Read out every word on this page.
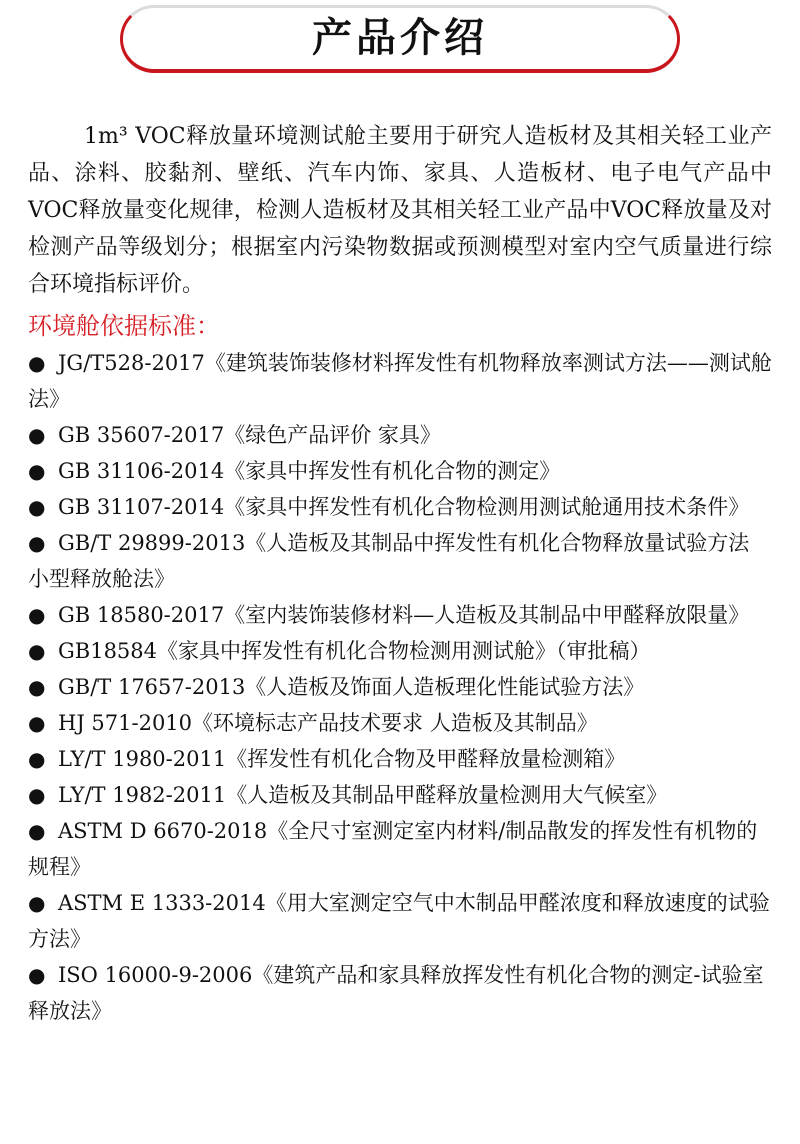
产品介绍

1m³ VOC释放量环境测试舱主要用于研究人造板材及其相关轻工业产品、涂料、胶黏剂、壁纸、汽车内饰、家具、人造板材、电子电气产品中VOC释放量变化规律，检测人造板材及其相关轻工业产品中VOC释放量及对检测产品等级划分；根据室内污染物数据或预测模型对室内空气质量进行综合环境指标评价。

环境舱依据标准：
● JG/T528-2017《建筑装饰装修材料挥发性有机物释放率测试方法——测试舱法》
● GB 35607-2017《绿色产品评价 家具》
● GB 31106-2014《家具中挥发性有机化合物的测定》
● GB 31107-2014《家具中挥发性有机化合物检测用测试舱通用技术条件》
● GB/T 29899-2013《人造板及其制品中挥发性有机化合物释放量试验方法 小型释放舱法》
● GB 18580-2017《室内装饰装修材料—人造板及其制品中甲醛释放限量》
● GB18584《家具中挥发性有机化合物检测用测试舱》（审批稿）
● GB/T 17657-2013《人造板及饰面人造板理化性能试验方法》
● HJ 571-2010《环境标志产品技术要求 人造板及其制品》
● LY/T 1980-2011《挥发性有机化合物及甲醛释放量检测箱》
● LY/T 1982-2011《人造板及其制品甲醛释放量检测用大气候室》
● ASTM D 6670-2018《全尺寸室测定室内材料/制品散发的挥发性有机物的规程》
● ASTM E 1333-2014《用大室测定空气中木制品甲醛浓度和释放速度的试验方法》
● ISO 16000-9-2006《建筑产品和家具释放挥发性有机化合物的测定-试验室释放法》
